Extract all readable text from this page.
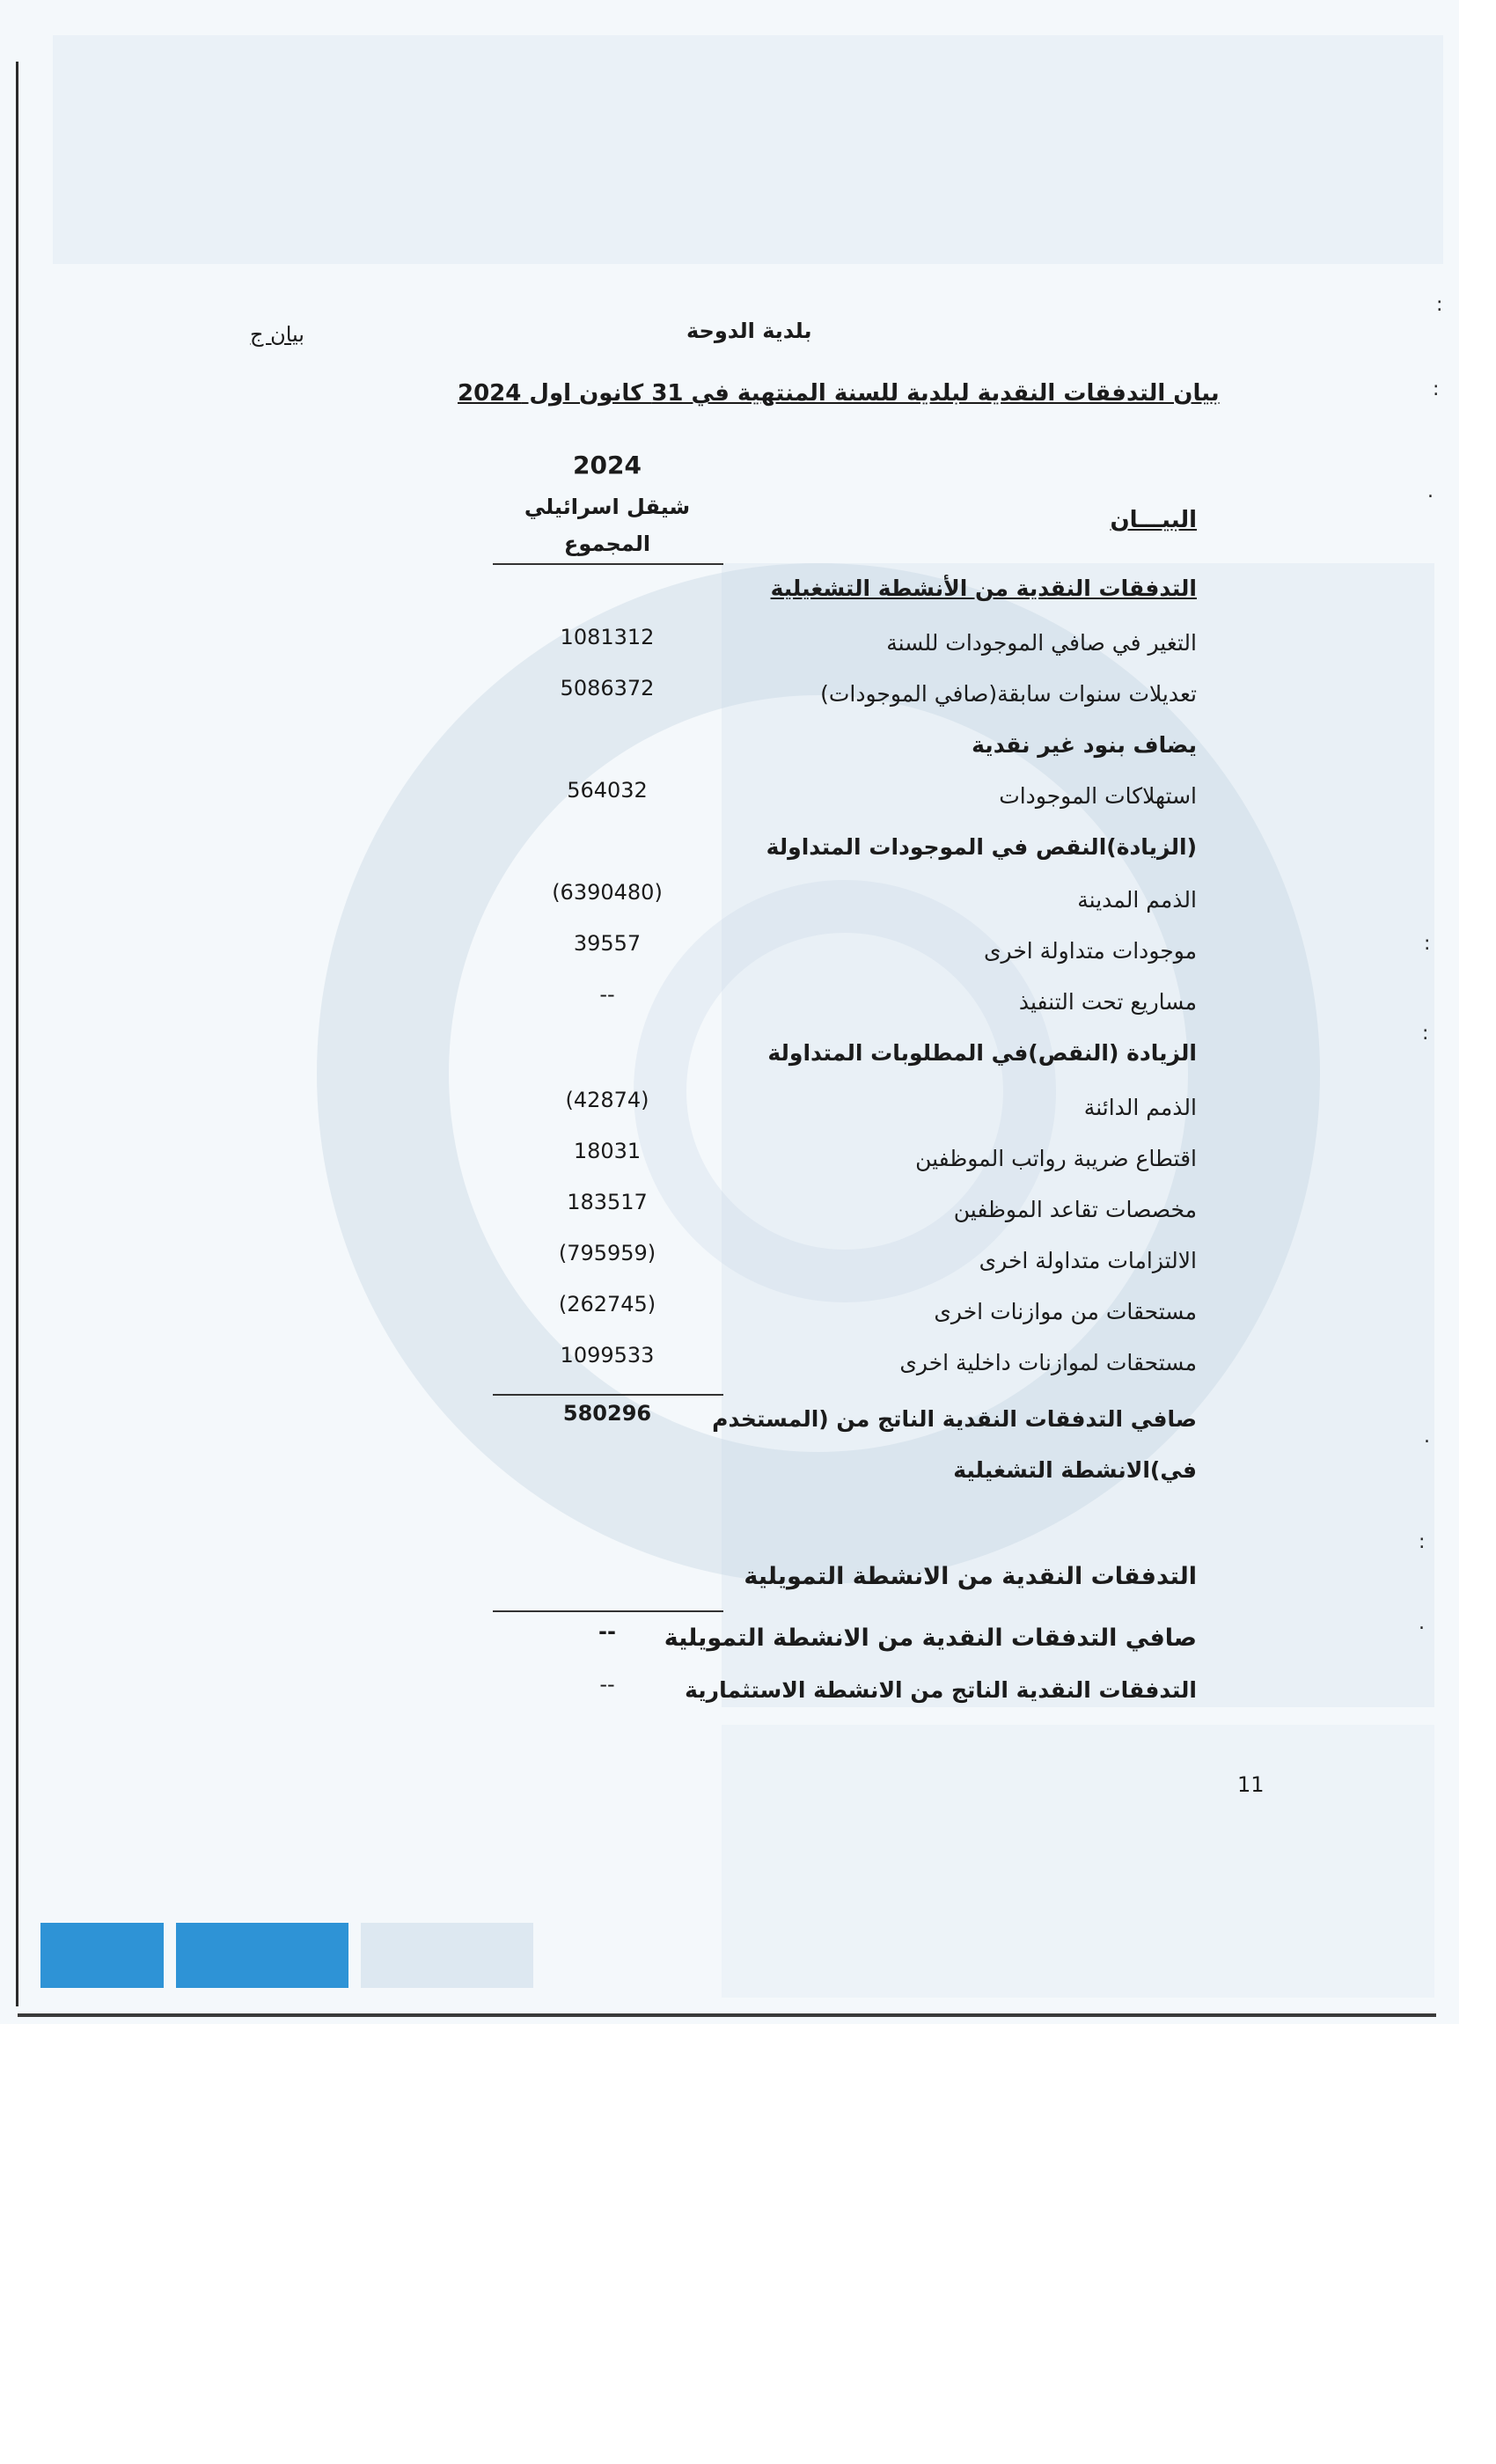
:
:
.
:
:
.
:
.
بلدية الدوحة
بيان ج
بيان التدفقات النقدية لبلدية للسنة المنتهية في 31 كانون اول 2024
2024
شيقل اسرائيلي
المجموع
البيـــان
التدفقات النقدية من الأنشطة التشغيلية
التغير في صافي الموجودات للسنة
1081312
تعديلات سنوات سابقة(صافي الموجودات)
5086372
يضاف بنود غير نقدية
استهلاكات الموجودات
564032
(الزيادة)النقص في الموجودات المتداولة
الذمم المدينة
(6390480)
موجودات متداولة اخرى
39557
مساريع تحت التنفيذ
--
الزيادة (النقص)في المطلوبات المتداولة
الذمم الدائنة
(42874)
اقتطاع ضريبة رواتب الموظفين
18031
مخصصات تقاعد الموظفين
183517
الالتزامات متداولة اخرى
(795959)
مستحقات من موازنات اخرى
(262745)
مستحقات لموازنات داخلية اخرى
1099533
صافي التدفقات النقدية الناتج من (المستخدم
في)الانشطة التشغيلية
580296
التدفقات النقدية من الانشطة التمويلية
صافي التدفقات النقدية من الانشطة التمويلية
--
التدفقات النقدية الناتج من الانشطة الاستثمارية
--
11
